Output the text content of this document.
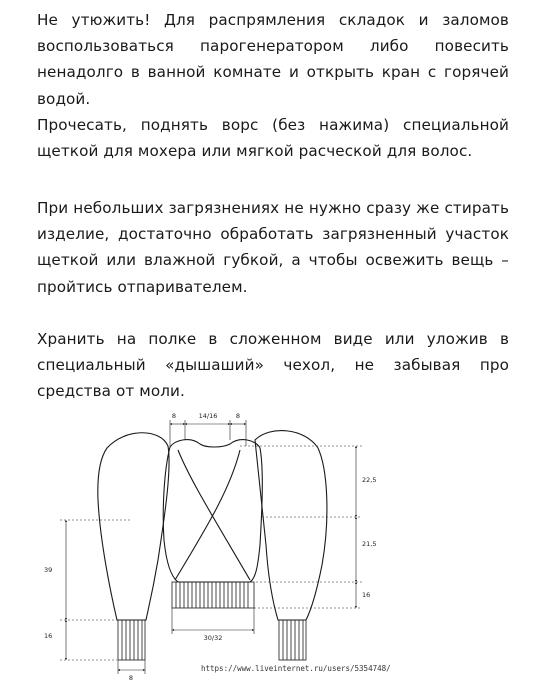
Не утюжить! Для распрямления складок и заломов воспользоваться парогенератором либо повесить ненадолго в ванной комнате и открыть кран с горячей водой.

Прочесать, поднять ворс (без нажима) специальной щеткой для мохера или мягкой расческой для волос.

При небольших загрязнениях не нужно сразу же стирать изделие, достаточно обработать загрязненный участок щеткой или влажной губкой, а чтобы освежить вещь – пройтись отпаривателем.

Хранить на полке в сложенном виде или уложив в специальный «дышаший» чехол, не забывая про средства от моли.

8	14/16	8
22,5
21,5
16
39
16	30/32
8
https://www.liveinternet.ru/users/5354748/
